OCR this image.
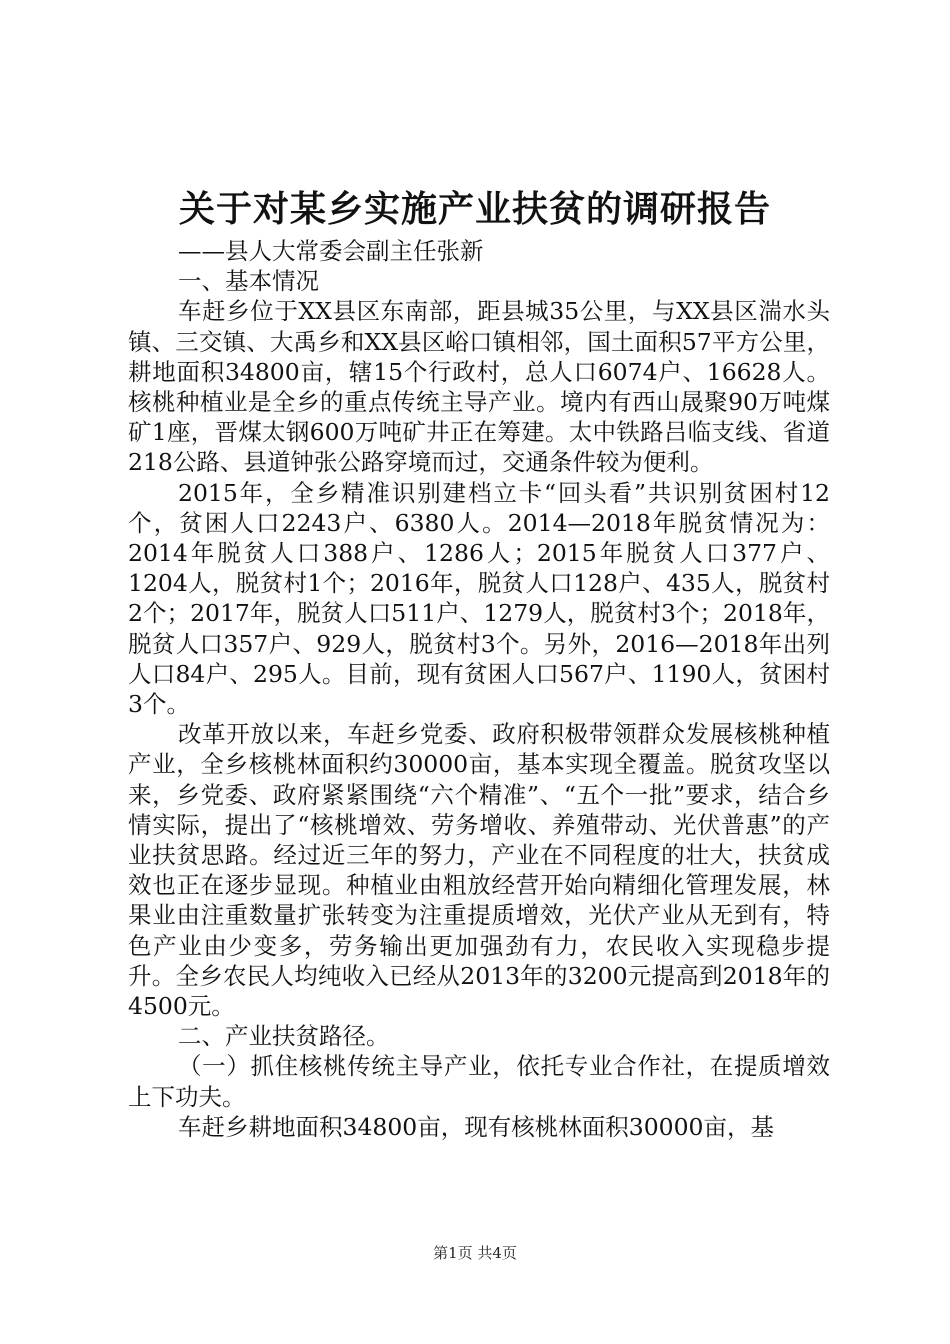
关于对某乡实施产业扶贫的调研报告

——县人大常委会副主任张新

一、基本情况

车赶乡位于XX县区东南部，距县城35公里，与XX县区湍水头镇、三交镇、大禹乡和XX县区峪口镇相邻，国土面积57平方公里，耕地面积34800亩，辖15个行政村，总人口6074户、16628人。核桃种植业是全乡的重点传统主导产业。境内有西山晟聚90万吨煤矿1座，晋煤太钢600万吨矿井正在筹建。太中铁路吕临支线、省道218公路、县道钟张公路穿境而过，交通条件较为便利。

2015年，全乡精准识别建档立卡“回头看”共识别贫困村12个，贫困人口2243户、6380人。2014—2018年脱贫情况为：2014年脱贫人口388户、1286人；2015年脱贫人口377户、1204人，脱贫村1个；2016年，脱贫人口128户、435人，脱贫村2个；2017年，脱贫人口511户、1279人，脱贫村3个；2018年，脱贫人口357户、929人，脱贫村3个。另外，2016—2018年出列人口84户、295人。目前，现有贫困人口567户、1190人，贫困村3个。

改革开放以来，车赶乡党委、政府积极带领群众发展核桃种植产业，全乡核桃林面积约30000亩，基本实现全覆盖。脱贫攻坚以来，乡党委、政府紧紧围绕“六个精准”、“五个一批”要求，结合乡情实际，提出了“核桃增效、劳务增收、养殖带动、光伏普惠”的产业扶贫思路。经过近三年的努力，产业在不同程度的壮大，扶贫成效也正在逐步显现。种植业由粗放经营开始向精细化管理发展，林果业由注重数量扩张转变为注重提质增效，光伏产业从无到有，特色产业由少变多，劳务输出更加强劲有力，农民收入实现稳步提升。全乡农民人均纯收入已经从2013年的3200元提高到2018年的4500元。

二、产业扶贫路径。

（一）抓住核桃传统主导产业，依托专业合作社，在提质增效上下功夫。

车赶乡耕地面积34800亩，现有核桃林面积30000亩，基

第1页 共4页
